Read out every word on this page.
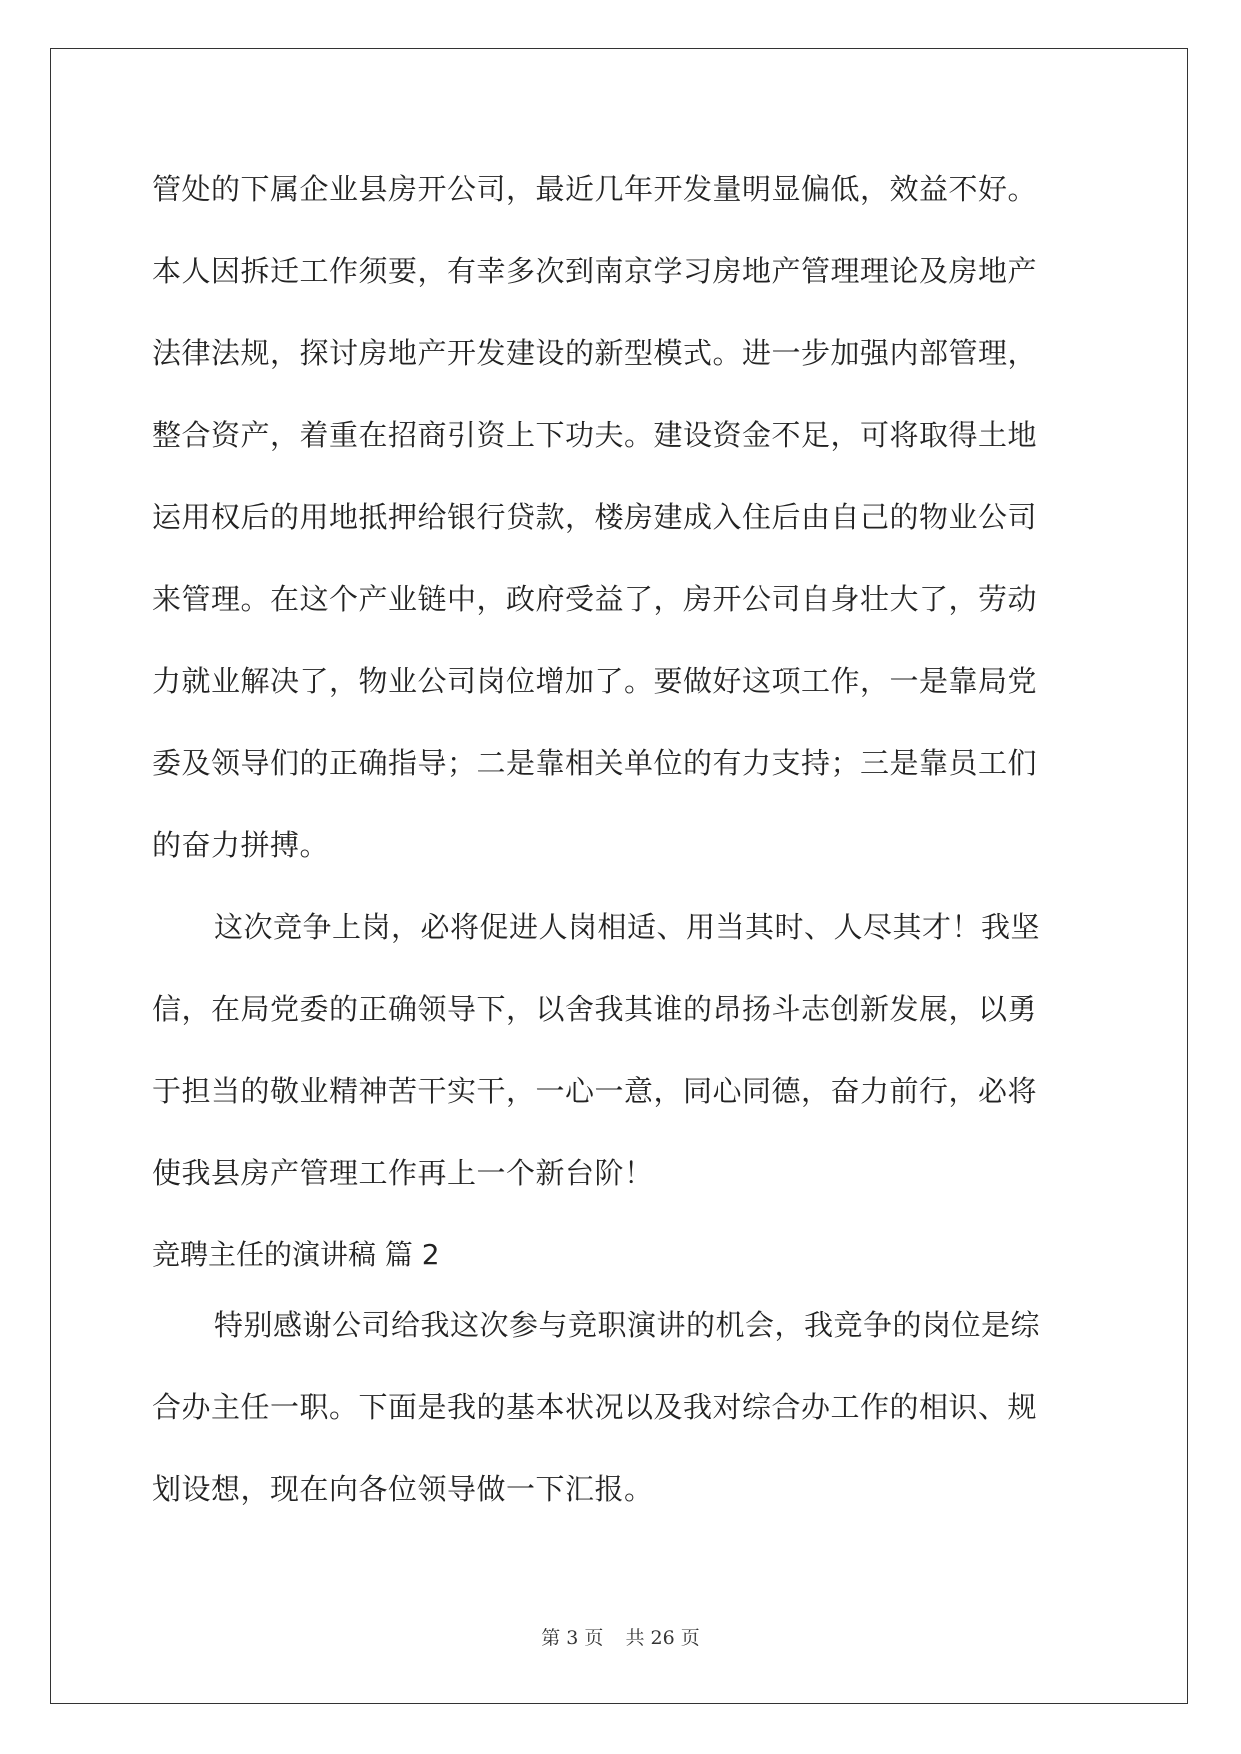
管处的下属企业县房开公司，最近几年开发量明显偏低，效益不好。
本人因拆迁工作须要，有幸多次到南京学习房地产管理理论及房地产
法律法规，探讨房地产开发建设的新型模式。进一步加强内部管理，
整合资产，着重在招商引资上下功夫。建设资金不足，可将取得土地
运用权后的用地抵押给银行贷款，楼房建成入住后由自己的物业公司
来管理。在这个产业链中，政府受益了，房开公司自身壮大了，劳动
力就业解决了，物业公司岗位增加了。要做好这项工作，一是靠局党
委及领导们的正确指导；二是靠相关单位的有力支持；三是靠员工们
的奋力拼搏。
这次竞争上岗，必将促进人岗相适、用当其时、人尽其才！我坚
信，在局党委的正确领导下，以舍我其谁的昂扬斗志创新发展，以勇
于担当的敬业精神苦干实干，一心一意，同心同德，奋力前行，必将
使我县房产管理工作再上一个新台阶！
竞聘主任的演讲稿 篇 2
特别感谢公司给我这次参与竞职演讲的机会，我竞争的岗位是综
合办主任一职。下面是我的基本状况以及我对综合办工作的相识、规
划设想，现在向各位领导做一下汇报。
第 3 页 共 26 页
